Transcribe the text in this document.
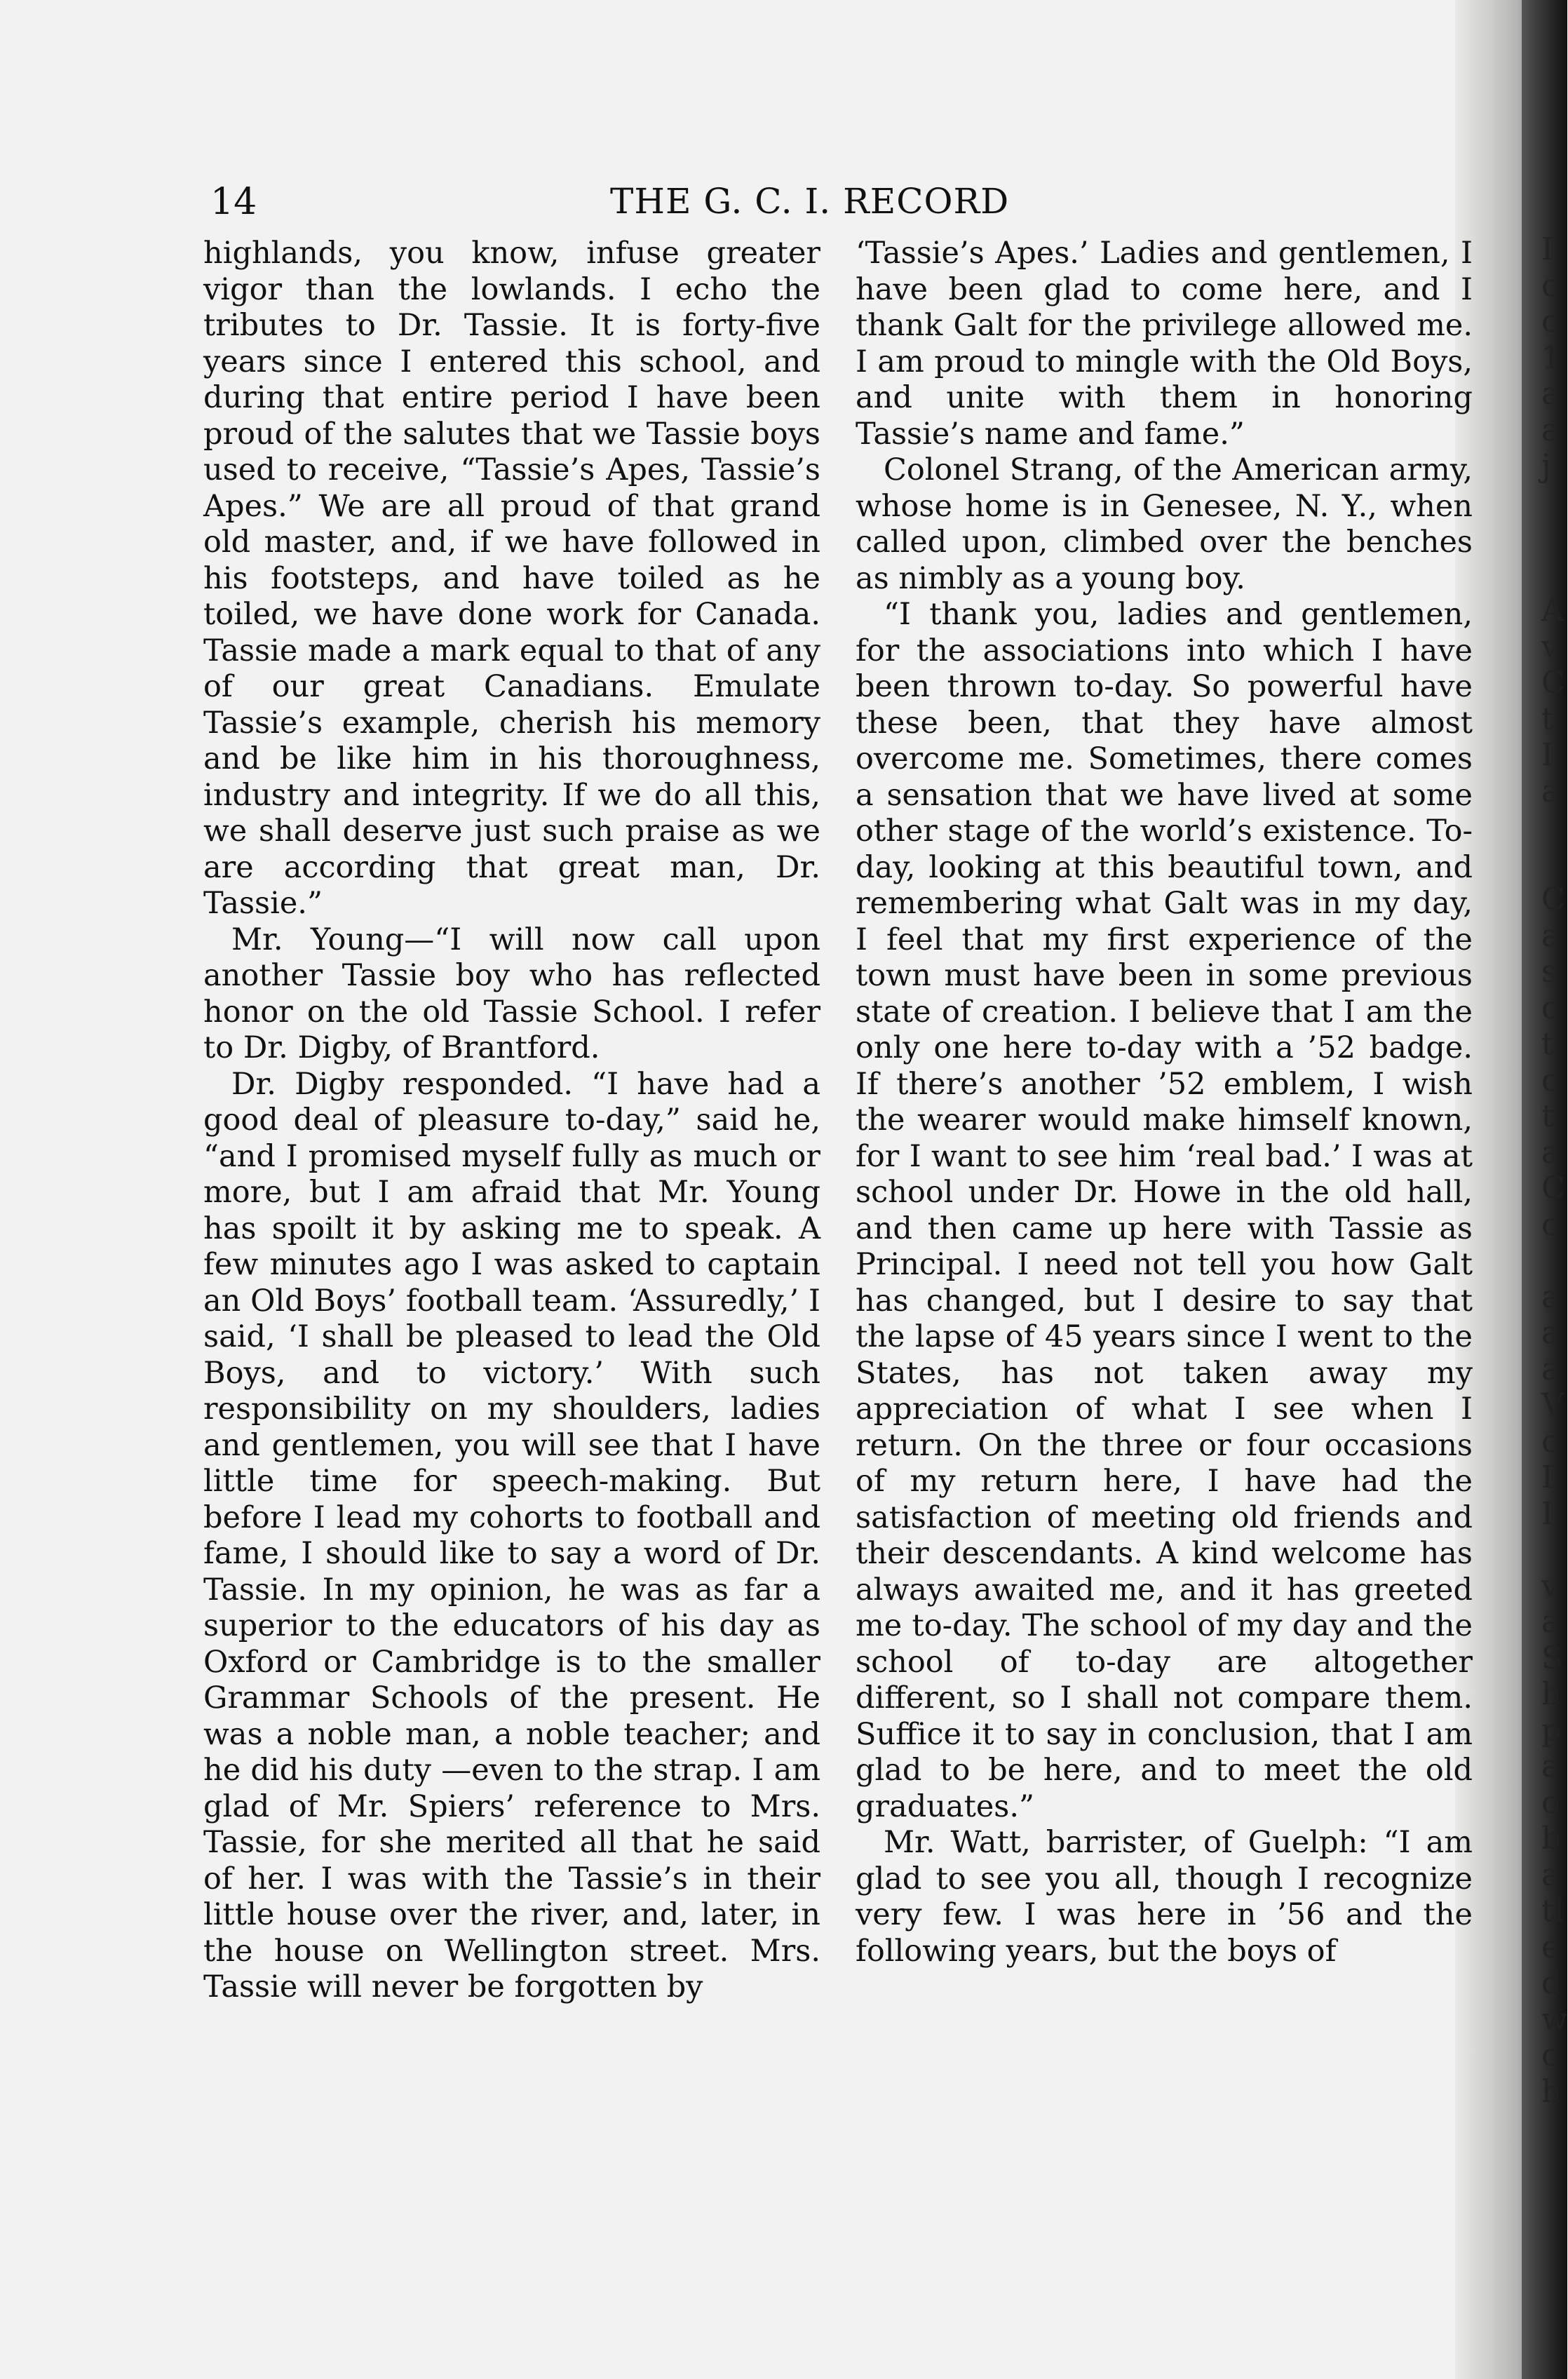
I
c
c
1
a
a
j
A
v
C
t
I
a
C
a
s
c
t
c
t
a
C
c
a
a
a
V
c
I
I
v
a
S
h
p
a
o
b
a
tl
e
d
w
c
h
14	THE G. C. I. RECORD

highlands, you know, infuse greater vigor than the lowlands. I echo the tributes to Dr. Tassie. It is forty-five years since I entered this school, and during that entire period I have been proud of the salutes that we Tassie boys used to receive, “Tassie’s Apes, Tassie’s Apes.” We are all proud of that grand old master, and, if we have followed in his footsteps, and have toiled as he toiled, we have done work for Canada. Tassie made a mark equal to that of any of our great Canadians. Emulate Tassie’s example, cherish his memory and be like him in his thoroughness, industry and integrity. If we do all this, we shall deserve just such praise as we are according that great man, Dr. Tassie.”

Mr. Young—“I will now call upon another Tassie boy who has reflected honor on the old Tassie School. I refer to Dr. Digby, of Brantford.

Dr. Digby responded. “I have had a good deal of pleasure to-day,” said he, “and I promised myself fully as much or more, but I am afraid that Mr. Young has spoilt it by asking me to speak. A few minutes ago I was asked to captain an Old Boys’ football team. ‘Assuredly,’ I said, ‘I shall be pleased to lead the Old Boys, and to victory.’ With such responsibility on my shoulders, ladies and gentlemen, you will see that I have little time for speech-making. But before I lead my cohorts to football and fame, I should like to say a word of Dr. Tassie. In my opinion, he was as far a superior to the educators of his day as Oxford or Cambridge is to the smaller Grammar Schools of the present. He was a noble man, a noble teacher; and he did his duty —even to the strap. I am glad of Mr. Spiers’ reference to Mrs. Tassie, for she merited all that he said of her. I was with the Tassie’s in their little house over the river, and, later, in the house on Wellington street. Mrs. Tassie will never be forgotten by

‘Tassie’s Apes.’ Ladies and gentlemen, I have been glad to come here, and I thank Galt for the privilege allowed me. I am proud to mingle with the Old Boys, and unite with them in honoring Tassie’s name and fame.”

Colonel Strang, of the American army, whose home is in Genesee, N. Y., when called upon, climbed over the benches as nimbly as a young boy.

“I thank you, ladies and gentlemen, for the associations into which I have been thrown to-day. So powerful have these been, that they have almost overcome me. Sometimes, there comes a sensation that we have lived at some other stage of the world’s existence. To-day, looking at this beautiful town, and remembering what Galt was in my day, I feel that my first experience of the town must have been in some previous state of creation. I believe that I am the only one here to-day with a ’52 badge. If there’s another ’52 emblem, I wish the wearer would make himself known, for I want to see him ‘real bad.’ I was at school under Dr. Howe in the old hall, and then came up here with Tassie as Principal. I need not tell you how Galt has changed, but I desire to say that the lapse of 45 years since I went to the States, has not taken away my appreciation of what I see when I return. On the three or four occasions of my return here, I have had the satisfaction of meeting old friends and their descendants. A kind welcome has always awaited me, and it has greeted me to-day. The school of my day and the school of to-day are altogether different, so I shall not compare them. Suffice it to say in conclusion, that I am glad to be here, and to meet the old graduates.”

Mr. Watt, barrister, of Guelph: “I am glad to see you all, though I recognize very few. I was here in ’56 and the following years, but the boys of
